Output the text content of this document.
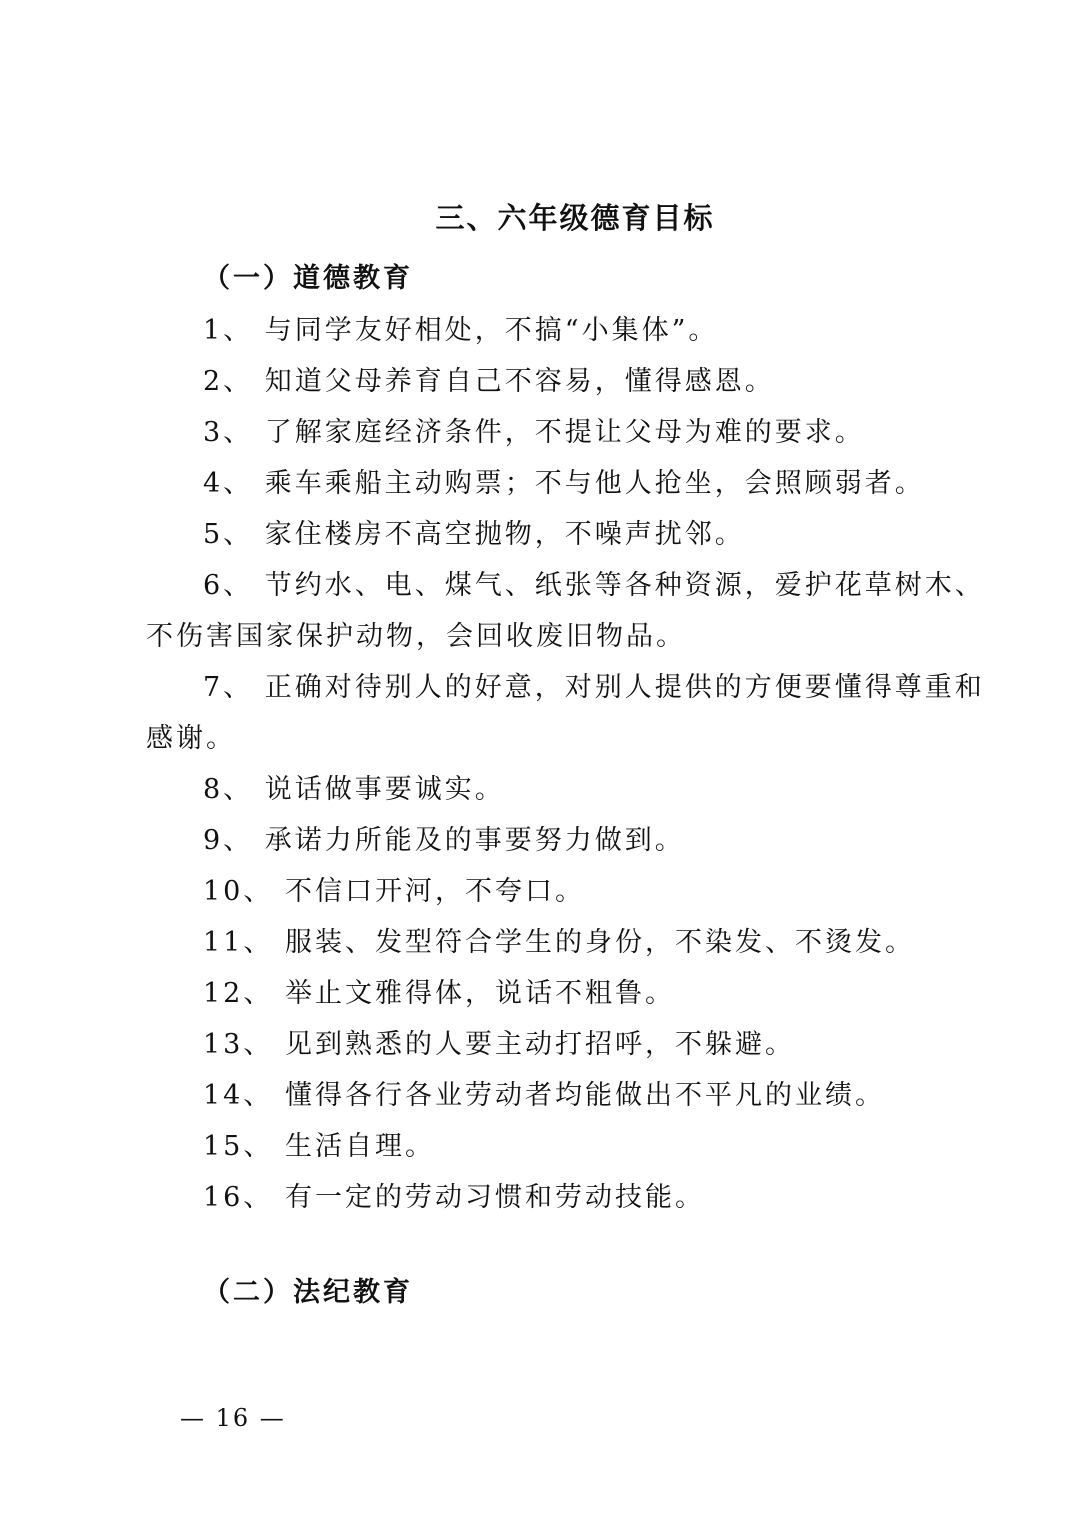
三、六年级德育目标
（一）道德教育

1、 与同学友好相处，不搞“小集体”。

2、 知道父母养育自己不容易，懂得感恩。

3、 了解家庭经济条件，不提让父母为难的要求。

4、 乘车乘船主动购票；不与他人抢坐，会照顾弱者。

5、 家住楼房不高空抛物，不噪声扰邻。

6、 节约水、电、煤气、纸张等各种资源，爱护花草树木、

不伤害国家保护动物，会回收废旧物品。

7、 正确对待别人的好意，对别人提供的方便要懂得尊重和

感谢。

8、 说话做事要诚实。

9、 承诺力所能及的事要努力做到。

10、 不信口开河，不夸口。

11、 服装、发型符合学生的身份，不染发、不烫发。

12、 举止文雅得体，说话不粗鲁。

13、 见到熟悉的人要主动打招呼，不躲避。

14、 懂得各行各业劳动者均能做出不平凡的业绩。

15、 生活自理。

16、 有一定的劳动习惯和劳动技能。

（二）法纪教育

— 16 —
